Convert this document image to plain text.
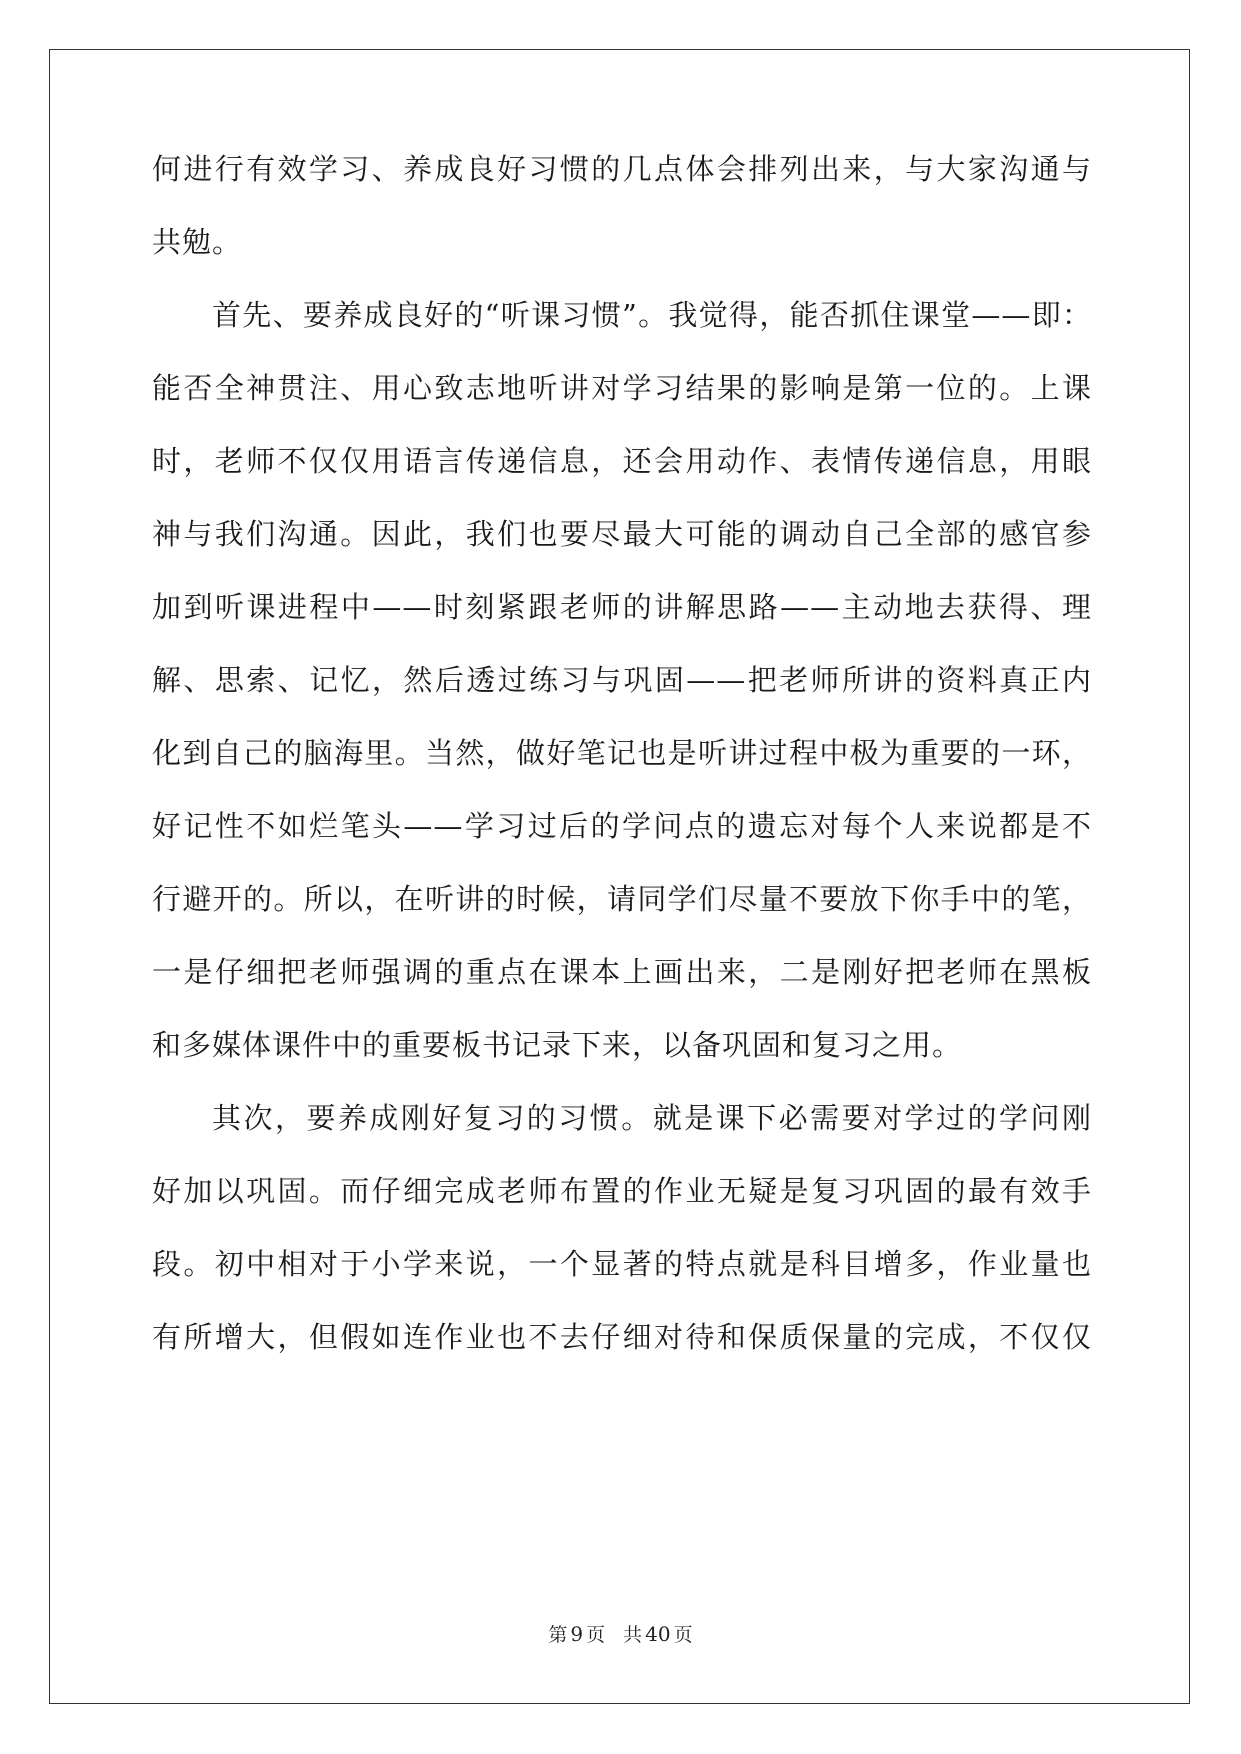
何进行有效学习、养成良好习惯的几点体会排列出来，与大家沟通与
共勉。
首先、要养成良好的“听课习惯”。我觉得，能否抓住课堂——即：
能否全神贯注、用心致志地听讲对学习结果的影响是第一位的。上课
时，老师不仅仅用语言传递信息，还会用动作、表情传递信息，用眼
神与我们沟通。因此，我们也要尽最大可能的调动自己全部的感官参
加到听课进程中——时刻紧跟老师的讲解思路——主动地去获得、理
解、思索、记忆，然后透过练习与巩固——把老师所讲的资料真正内
化到自己的脑海里。当然，做好笔记也是听讲过程中极为重要的一环，
好记性不如烂笔头——学习过后的学问点的遗忘对每个人来说都是不
行避开的。所以，在听讲的时候，请同学们尽量不要放下你手中的笔，
一是仔细把老师强调的重点在课本上画出来，二是刚好把老师在黑板
和多媒体课件中的重要板书记录下来，以备巩固和复习之用。
其次，要养成刚好复习的习惯。就是课下必需要对学过的学问刚
好加以巩固。而仔细完成老师布置的作业无疑是复习巩固的最有效手
段。初中相对于小学来说，一个显著的特点就是科目增多，作业量也
有所增大，但假如连作业也不去仔细对待和保质保量的完成，不仅仅
第 9 页 共 40 页
